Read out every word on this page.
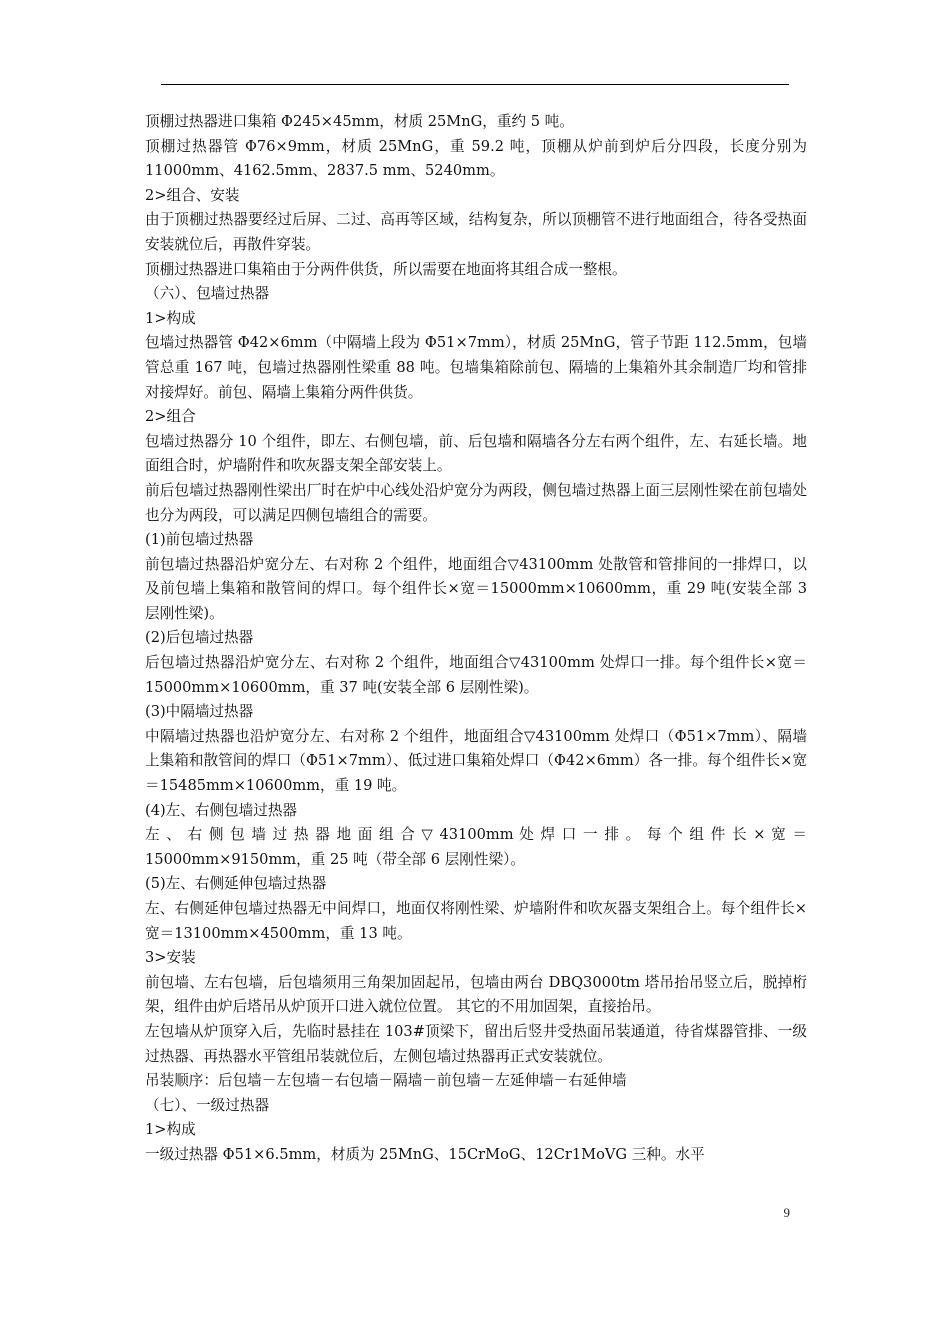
顶棚过热器进口集箱 Φ245×45mm，材质 25MnG，重约 5 吨。

顶棚过热器管 Φ76×9mm，材质 25MnG，重 59.2 吨，顶棚从炉前到炉后分四段，长度分别为 11000mm、4162.5mm、2837.5 mm、5240mm。

2>组合、安装

由于顶棚过热器要经过后屏、二过、高再等区域，结构复杂，所以顶棚管不进行地面组合，待各受热面安装就位后，再散件穿装。

顶棚过热器进口集箱由于分两件供货，所以需要在地面将其组合成一整根。

（六）、包墙过热器

1>构成

包墙过热器管 Φ42×6mm（中隔墙上段为 Φ51×7mm），材质 25MnG，管子节距 112.5mm，包墙管总重 167 吨，包墙过热器刚性梁重 88 吨。包墙集箱除前包、隔墙的上集箱外其余制造厂均和管排对接焊好。前包、隔墙上集箱分两件供货。

2>组合

包墙过热器分 10 个组件，即左、右侧包墙，前、后包墙和隔墙各分左右两个组件，左、右延长墙。地面组合时，炉墙附件和吹灰器支架全部安装上。

前后包墙过热器刚性梁出厂时在炉中心线处沿炉宽分为两段，侧包墙过热器上面三层刚性梁在前包墙处也分为两段，可以满足四侧包墙组合的需要。

(1)前包墙过热器

前包墙过热器沿炉宽分左、右对称 2 个组件，地面组合▽43100mm 处散管和管排间的一排焊口，以及前包墙上集箱和散管间的焊口。每个组件长×宽＝15000mm×10600mm，重 29 吨(安装全部 3 层刚性梁)。

(2)后包墙过热器

后包墙过热器沿炉宽分左、右对称 2 个组件，地面组合▽43100mm 处焊口一排。每个组件长×宽＝15000mm×10600mm，重 37 吨(安装全部 6 层刚性梁)。

(3)中隔墙过热器

中隔墙过热器也沿炉宽分左、右对称 2 个组件，地面组合▽43100mm 处焊口（Φ51×7mm）、隔墙上集箱和散管间的焊口（Φ51×7mm）、低过进口集箱处焊口（Φ42×6mm）各一排。每个组件长×宽＝15485mm×10600mm，重 19 吨。

(4)左、右侧包墙过热器

左 、 右 侧 包 墙 过 热 器 地 面 组 合 ▽ 43100mm 处 焊 口 一 排 。 每 个 组 件 长 × 宽 ＝ 15000mm×9150mm，重 25 吨（带全部 6 层刚性梁）。

(5)左、右侧延伸包墙过热器

左、右侧延伸包墙过热器无中间焊口，地面仅将刚性梁、炉墙附件和吹灰器支架组合上。每个组件长×宽＝13100mm×4500mm，重 13 吨。

3>安装

前包墙、左右包墙，后包墙须用三角架加固起吊，包墙由两台 DBQ3000tm 塔吊抬吊竖立后，脱掉桁架，组件由炉后塔吊从炉顶开口进入就位位置。 其它的不用加固架，直接抬吊。

左包墙从炉顶穿入后，先临时悬挂在 103#顶梁下，留出后竖井受热面吊装通道，待省煤器管排、一级过热器、再热器水平管组吊装就位后，左侧包墙过热器再正式安装就位。

吊装顺序：后包墙－左包墙－右包墙－隔墙－前包墙－左延伸墙－右延伸墙

（七）、一级过热器

1>构成

一级过热器 Φ51×6.5mm，材质为 25MnG、15CrMoG、12Cr1MoVG 三种。水平

9
